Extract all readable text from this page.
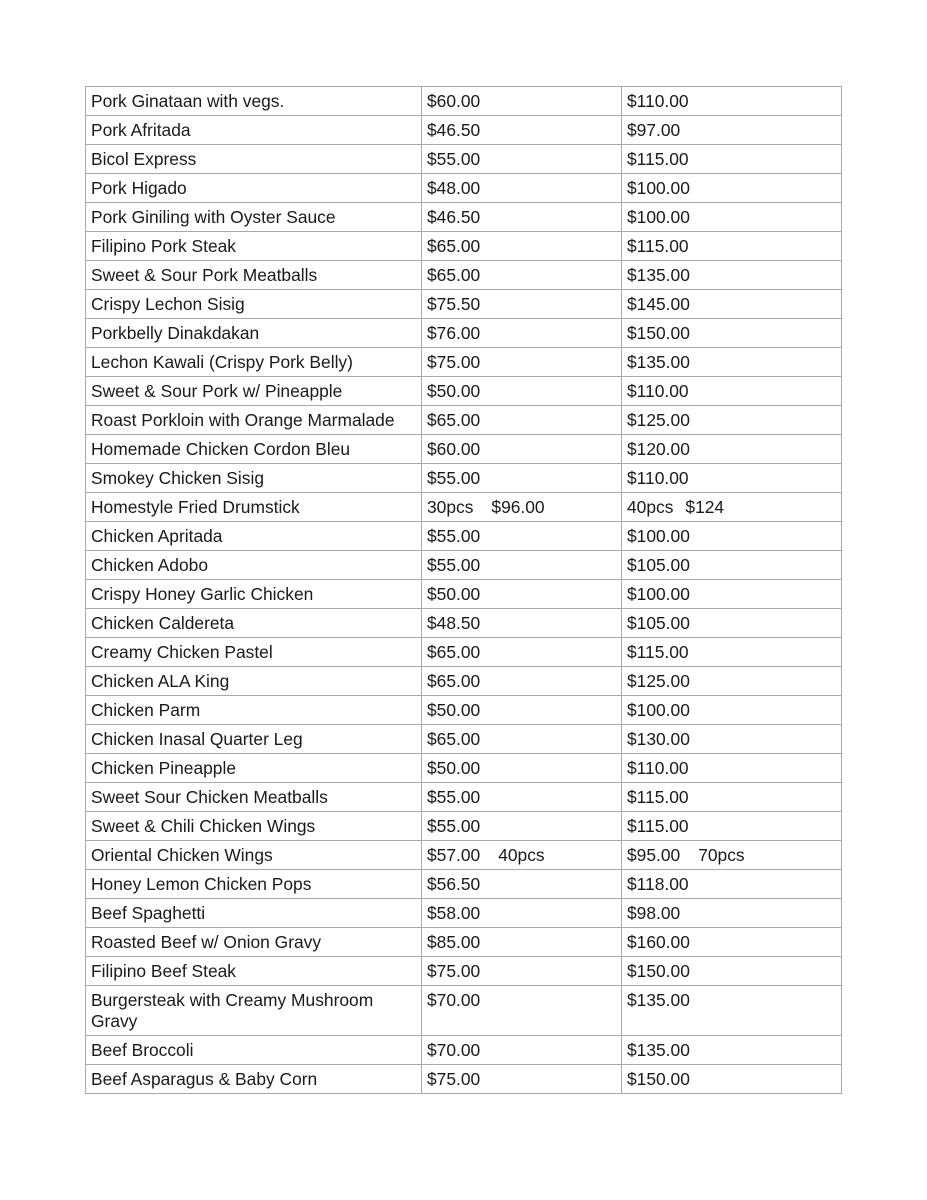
Pork Ginataan with vegs.	$60.00	$110.00
Pork Afritada	$46.50	$97.00
Bicol Express	$55.00	$115.00
Pork Higado	$48.00	$100.00
Pork Giniling with Oyster Sauce	$46.50	$100.00
Filipino Pork Steak	$65.00	$115.00
Sweet & Sour Pork Meatballs	$65.00	$135.00
Crispy Lechon Sisig	$75.50	$145.00
Porkbelly Dinakdakan	$76.00	$150.00
Lechon Kawali (Crispy Pork Belly)	$75.00	$135.00
Sweet & Sour Pork w/ Pineapple	$50.00	$110.00
Roast Porkloin with Orange Marmalade	$65.00	$125.00
Homemade Chicken Cordon Bleu	$60.00	$120.00
Smokey Chicken Sisig	$55.00	$110.00
Homestyle Fried Drumstick	30pcs $96.00	40pcs $124
Chicken Apritada	$55.00	$100.00
Chicken Adobo	$55.00	$105.00
Crispy Honey Garlic Chicken	$50.00	$100.00
Chicken Caldereta	$48.50	$105.00
Creamy Chicken Pastel	$65.00	$115.00
Chicken ALA King	$65.00	$125.00
Chicken Parm	$50.00	$100.00
Chicken Inasal Quarter Leg	$65.00	$130.00
Chicken Pineapple	$50.00	$110.00
Sweet Sour Chicken Meatballs	$55.00	$115.00
Sweet & Chili Chicken Wings	$55.00	$115.00
Oriental Chicken Wings	$57.00 40pcs	$95.00 70pcs
Honey Lemon Chicken Pops	$56.50	$118.00
Beef Spaghetti	$58.00	$98.00
Roasted Beef w/ Onion Gravy	$85.00	$160.00
Filipino Beef Steak	$75.00	$150.00
Burgersteak with Creamy Mushroom Gravy	$70.00	$135.00
Beef Broccoli	$70.00	$135.00
Beef Asparagus & Baby Corn	$75.00	$150.00
